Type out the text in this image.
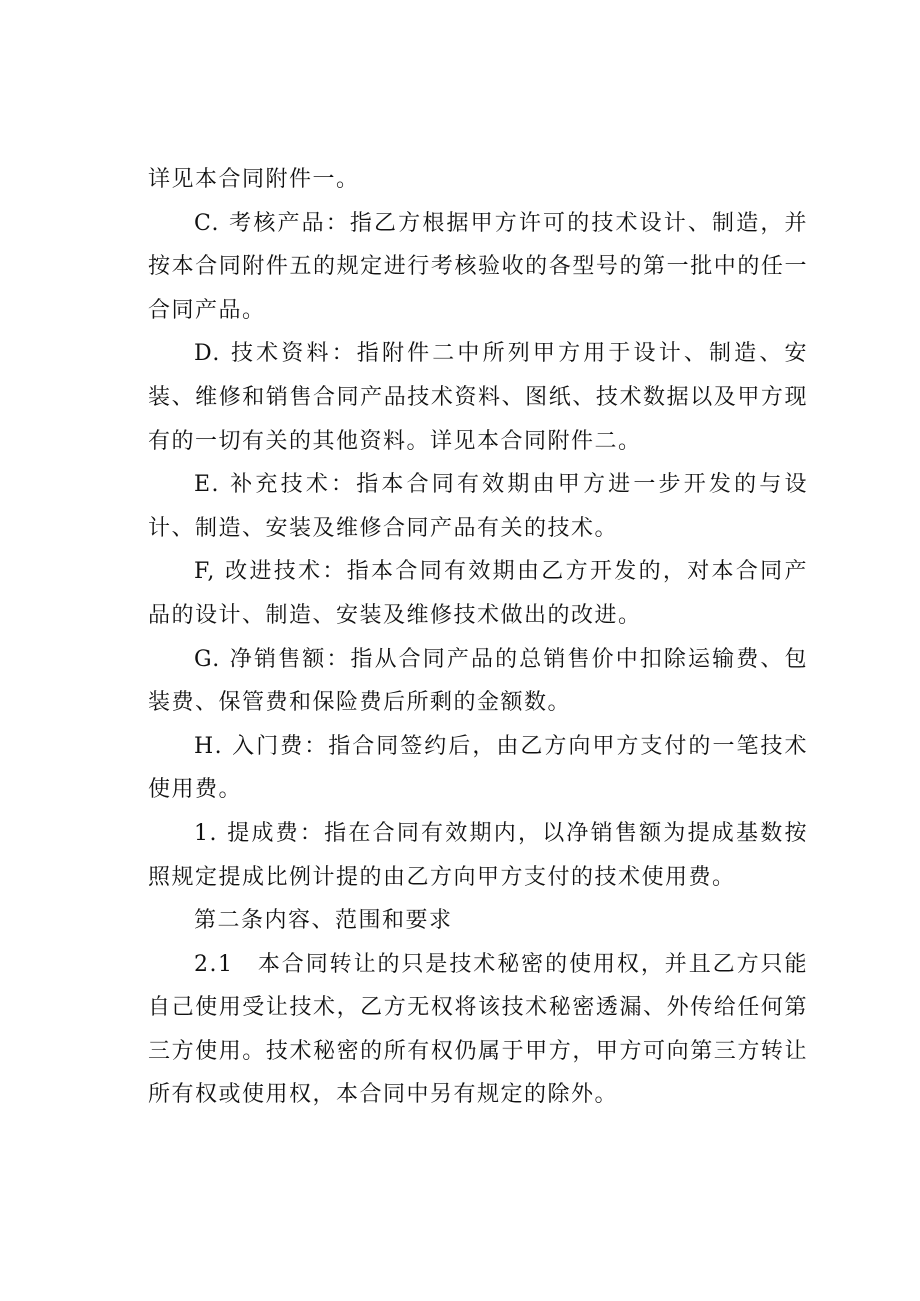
详见本合同附件一。

C. 考核产品：指乙方根据甲方许可的技术设计、制造，并按本合同附件五的规定进行考核验收的各型号的第一批中的任一合同产品。

D. 技术资料：指附件二中所列甲方用于设计、制造、安装、维修和销售合同产品技术资料、图纸、技术数据以及甲方现有的一切有关的其他资料。详见本合同附件二。

E. 补充技术：指本合同有效期由甲方进一步开发的与设计、制造、安装及维修合同产品有关的技术。

F, 改进技术：指本合同有效期由乙方开发的，对本合同产品的设计、制造、安装及维修技术做出的改进。

G. 净销售额：指从合同产品的总销售价中扣除运输费、包装费、保管费和保险费后所剩的金额数。

H. 入门费：指合同签约后，由乙方向甲方支付的一笔技术使用费。

1. 提成费：指在合同有效期内，以净销售额为提成基数按照规定提成比例计提的由乙方向甲方支付的技术使用费。

第二条内容、范围和要求

2.1　本合同转让的只是技术秘密的使用权，并且乙方只能自己使用受让技术，乙方无权将该技术秘密透漏、外传给任何第三方使用。技术秘密的所有权仍属于甲方，甲方可向第三方转让所有权或使用权，本合同中另有规定的除外。
